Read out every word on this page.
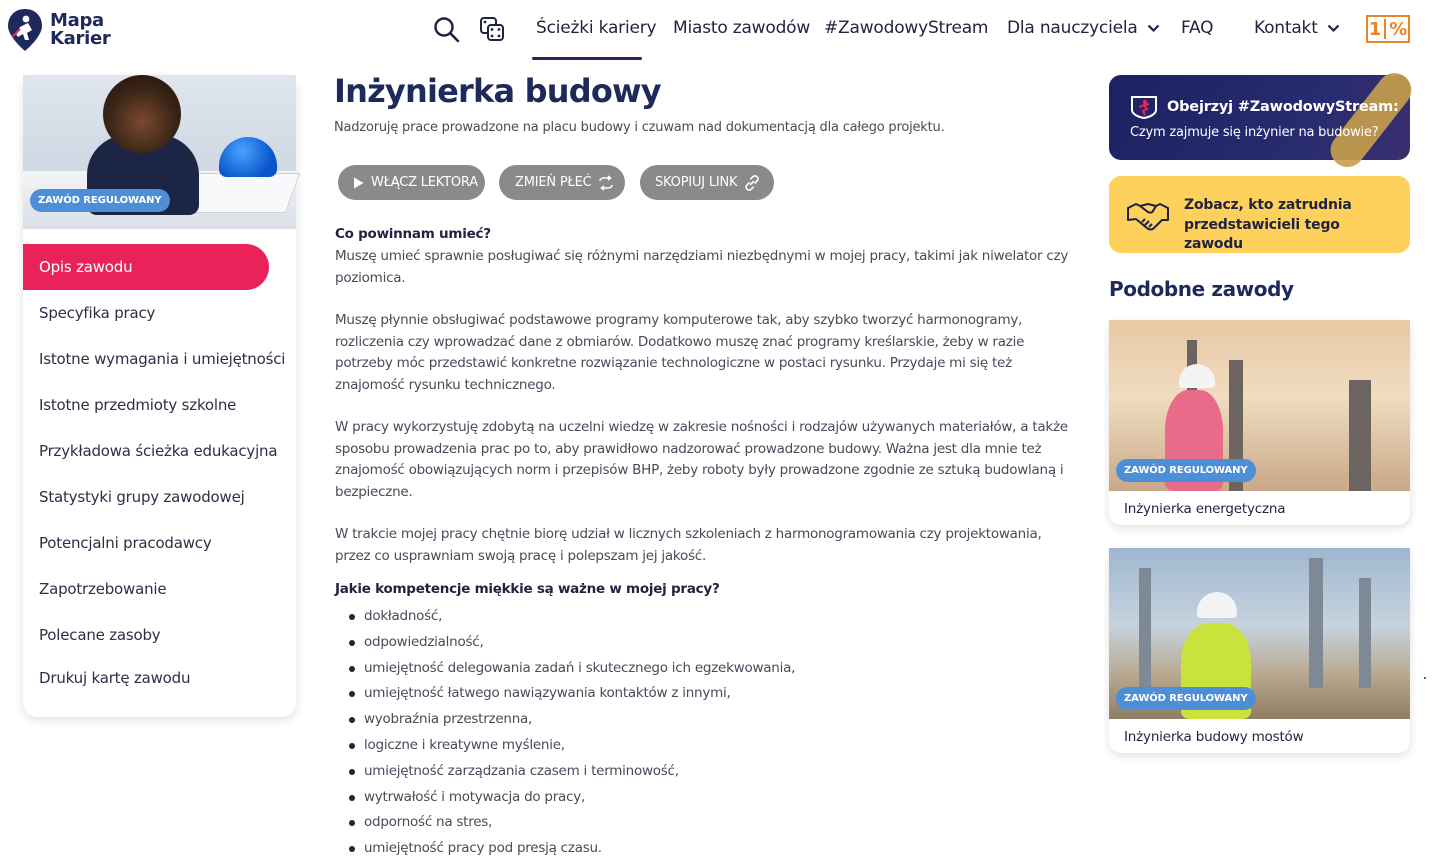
Mapa
Karier	Ścieżki kariery Miasto zawodów #ZawodowyStream Dla nauczyciela	FAQ Kontakt	1 %
ZAWÓD REGULOWANY
Opis zawodu
Specyfika pracy
Istotne wymagania i umiejętności
Istotne przedmioty szkolne
Przykładowa ścieżka edukacyjna
Statystyki grupy zawodowej
Potencjalni pracodawcy
Zapotrzebowanie
Polecane zasoby
Drukuj kartę zawodu
Inżynierka budowy
Nadzoruję prace prowadzone na placu budowy i czuwam nad dokumentacją dla całego projektu.
WŁĄCZ LEKTORA	ZMIEŃ PŁEĆ	SKOPIUJ LINK
Co powinnam umieć?

Muszę umieć sprawnie posługiwać się różnymi narzędziami niezbędnymi w mojej pracy, takimi jak niwelator czy poziomica.

Muszę płynnie obsługiwać podstawowe programy komputerowe tak, aby szybko tworzyć harmonogramy, rozliczenia czy wprowadzać dane z obmiarów. Dodatkowo muszę znać programy kreślarskie, żeby w razie potrzeby móc przedstawić konkretne rozwiązanie technologiczne w postaci rysunku. Przydaje mi się też znajomość rysunku technicznego.

W pracy wykorzystuję zdobytą na uczelni wiedzę w zakresie nośności i rodzajów używanych materiałów, a także sposobu prowadzenia prac po to, aby prawidłowo nadzorować prowadzone budowy. Ważna jest dla mnie też znajomość obowiązujących norm i przepisów BHP, żeby roboty były prowadzone zgodnie ze sztuką budowlaną i bezpieczne.

W trakcie mojej pracy chętnie biorę udział w licznych szkoleniach z harmonogramowania czy projektowania, przez co usprawniam swoją pracę i polepszam jej jakość.

Jakie kompetencje miękkie są ważne w mojej pracy?
dokładność,
odpowiedzialność,
umiejętność delegowania zadań i skutecznego ich egzekwowania,
umiejętność łatwego nawiązywania kontaktów z innymi,
wyobraźnia przestrzenna,
logiczne i kreatywne myślenie,
umiejętność zarządzania czasem i terminowość,
wytrwałość i motywacja do pracy,
odporność na stres,
umiejętność pracy pod presją czasu.
Obejrzyj #ZawodowyStream:
Czym zajmuje się inżynier na budowie?
Zobacz, kto zatrudnia przedstawicieli tego zawodu
Podobne zawody
ZAWÓD REGULOWANY
Inżynierka energetyczna
ZAWÓD REGULOWANY
Inżynierka budowy mostów
